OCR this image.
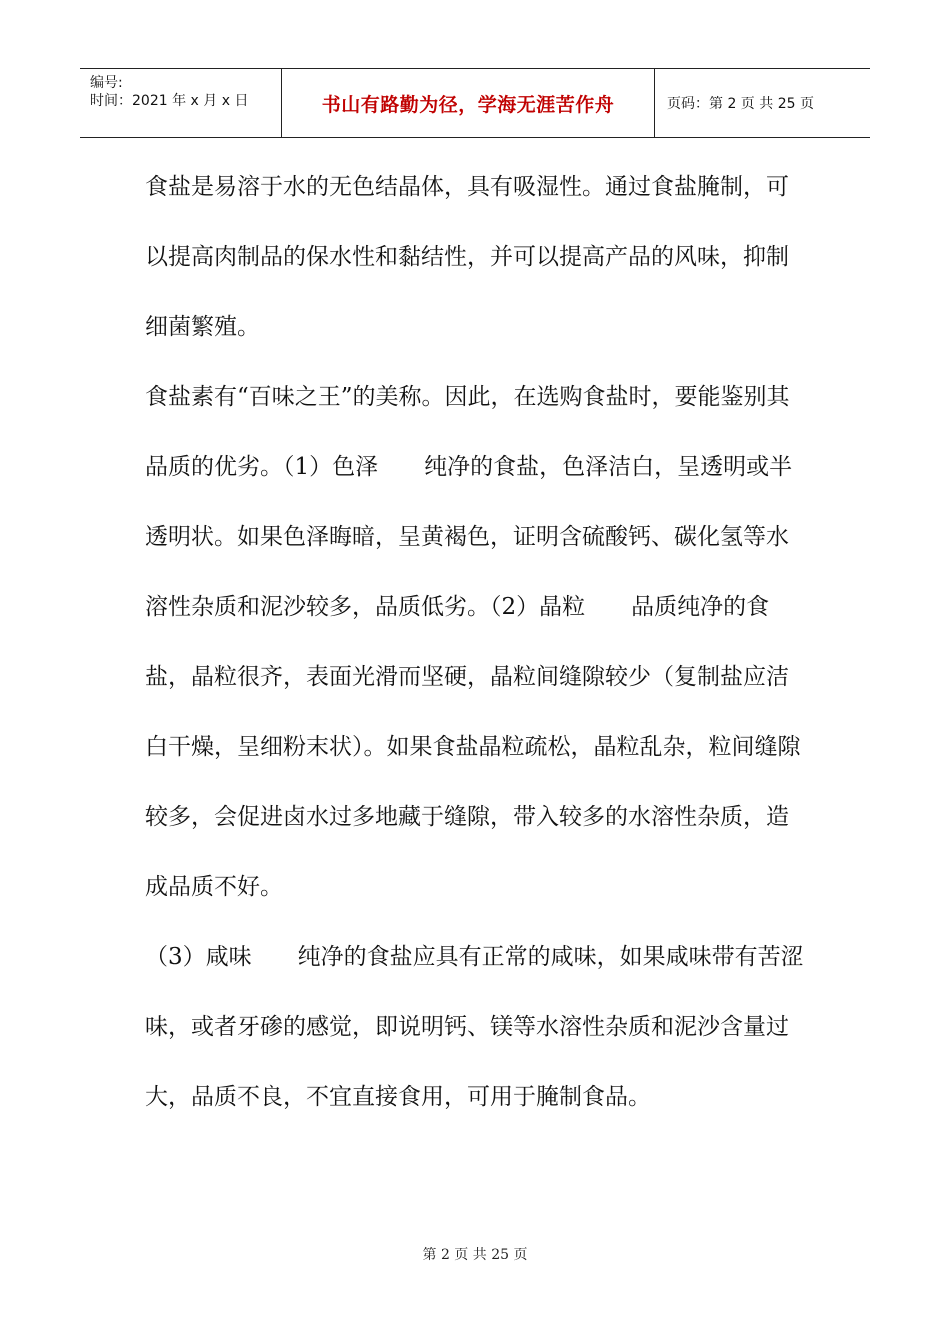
编号:
时间：2021 年 x 月 x 日	书山有路勤为径，学海无涯苦作舟	页码：第 2 页 共 25 页

食盐是易溶于水的无色结晶体，具有吸湿性。通过食盐腌制，可以提高肉制品的保水性和黏结性，并可以提高产品的风味，抑制细菌繁殖。

食盐素有“百味之王”的美称。因此，在选购食盐时，要能鉴别其品质的优劣。（1）色泽　　纯净的食盐，色泽洁白，呈透明或半透明状。如果色泽晦暗，呈黄褐色，证明含硫酸钙、碳化氢等水溶性杂质和泥沙较多，品质低劣。（2）晶粒　　品质纯净的食盐，晶粒很齐，表面光滑而坚硬，晶粒间缝隙较少（复制盐应洁白干燥，呈细粉末状）。如果食盐晶粒疏松，晶粒乱杂，粒间缝隙较多，会促进卤水过多地藏于缝隙，带入较多的水溶性杂质，造成品质不好。

（3）咸味　　纯净的食盐应具有正常的咸味，如果咸味带有苦涩味，或者牙碜的感觉，即说明钙、镁等水溶性杂质和泥沙含量过大，品质不良，不宜直接食用，可用于腌制食品。

第 2 页 共 25 页
